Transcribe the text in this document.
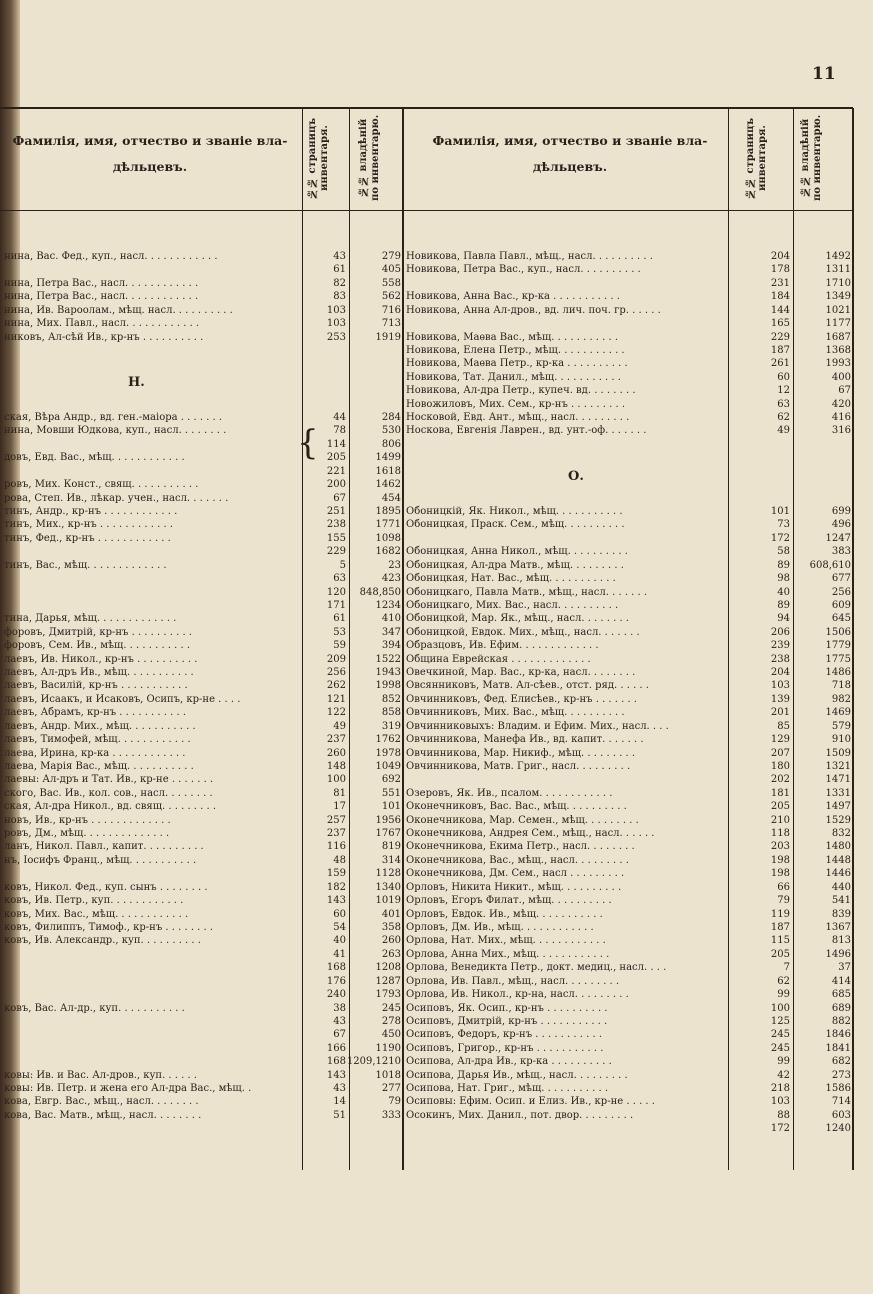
11
Фамилія, имя, отчество и званіе вла-
дѣльцевъ.
№№ страницъ
инвентаря.	№№ владѣній
по инвентарю.	Фамилія, имя, отчество и званіе вла-
дѣльцевъ.
№№ страницъ
инвентаря.	№№ владѣній
по инвентарю.
{
нина, Вас. Фед., куп., насл. . . . . . . . . . . .	43	279
61	405
нина, Петра Вас., насл. . . . . . . . . . . .	82	558
нина, Петра Вас., насл. . . . . . . . . . . .	83	562
нина, Ив. Вароолам., мѣщ. насл. . . . . . . . . .	103	716
нина, Мих. Павл., насл. . . . . . . . . . . .	103	713
никовъ, Ал-сѣй Ив., кр-нъ . . . . . . . . . .	253	1919
ская, Вѣра Андр., вд. ген.-маіора . . . . . . .	44	284
нина, Мовши Юдкова, куп., насл. . . . . . . .	78	530
114	806
довъ, Евд. Вас., мѣщ. . . . . . . . . . . .	205	1499
221	1618
ровъ, Мих. Конст., свящ. . . . . . . . . . .	200	1462
рова, Степ. Ив., лѣкар. учен., насл. . . . . . .	67	454
тинъ, Андр., кр-нъ . . . . . . . . . . . .	251	1895
тинъ, Мих., кр-нъ . . . . . . . . . . . .	238	1771
тинъ, Фед., кр-нъ . . . . . . . . . . . .	155	1098
229	1682
тинъ, Вас., мѣщ. . . . . . . . . . . . .	5	23
63	423
120	848,850
171	1234
тина, Дарья, мѣщ. . . . . . . . . . . . .	61	410
форовъ, Дмитрій, кр-нъ . . . . . . . . . .	53	347
форовъ, Сем. Ив., мѣщ. . . . . . . . . . .	59	394
лаевъ, Ив. Никол., кр-нъ . . . . . . . . . .	209	1522
лаевъ, Ал-дръ Ив., мѣщ. . . . . . . . . . .	256	1943
лаевъ, Василій, кр-нъ . . . . . . . . . . .	262	1998
лаевъ, Исаакъ, и Исаковъ, Осипъ, кр-не . . . .	121	852
лаевъ, Абрамъ, кр-нъ . . . . . . . . . . .	122	858
лаевъ, Андр. Мих., мѣщ. . . . . . . . . . .	49	319
лаевъ, Тимофей, мѣщ. . . . . . . . . . . .	237	1762
лаева, Ирина, кр-ка . . . . . . . . . . . .	260	1978
лаева, Марія Вас., мѣщ. . . . . . . . . . .	148	1049
лаевы: Ал-дръ и Тат. Ив., кр-не . . . . . . .	100	692
ского, Вас. Ив., кол. сов., насл. . . . . . . .	81	551
ская, Ал-дра Никол., вд. свящ. . . . . . . . .	17	101
новъ, Ив., кр-нъ . . . . . . . . . . . . .	257	1956
ровъ, Дм., мѣщ. . . . . . . . . . . . . .	237	1767
ланъ, Никол. Павл., капит. . . . . . . . . .	116	819
нъ, Іосифъ Франц., мѣщ. . . . . . . . . . .	48	314
159	1128
ковъ, Никол. Фед., куп. сынъ . . . . . . . .	182	1340
ковъ, Ив. Петр., куп. . . . . . . . . . . .	143	1019
ковъ, Мих. Вас., мѣщ. . . . . . . . . . . .	60	401
ковъ, Филиппъ, Тимоф., кр-нъ . . . . . . . .	54	358
ковъ, Ив. Александр., куп. . . . . . . . . .	40	260
41	263
168	1208
176	1287
240	1793
ковъ, Вас. Ал-др., куп. . . . . . . . . . .	38	245
43	278
67	450
166	1190
168 1209,1210
ковы: Ив. и Вас. Ал-дров., куп. . . . . .	143	1018
ковы: Ив. Петр. и жена его Ал-дра Вас., мѣщ. .	43	277
кова, Евгр. Вас., мѣщ., насл. . . . . . . .	14	79
кова, Вас. Матв., мѣщ., насл. . . . . . . .	51	333
Н.
Новикова, Павла Павл., мѣщ., насл. . . . . . . . . .	204	1492
Новикова, Петра Вас., куп., насл. . . . . . . . . .	178	1311
231	1710
Новикова, Анна Вас., кр-ка . . . . . . . . . . .	184	1349
Новикова, Анна Ал-дров., вд. лич. поч. гр. . . . . .	144	1021
165	1177
Новикова, Маѳва Вас., мѣщ. . . . . . . . . . .	229	1687
Новикова, Елена Петр., мѣщ. . . . . . . . . . .	187	1368
Новикова, Маѳва Петр., кр-ка . . . . . . . . . .	261	1993
Новикова, Тат. Данил., мѣщ. . . . . . . . . . .	60	400
Новикова, Ал-дра Петр., купеч. вд. . . . . . . .	12	67
Новожиловъ, Мих. Сем., кр-нъ . . . . . . . . .	63	420
Носковой, Евд. Ант., мѣщ., насл. . . . . . . . .	62	416
Носкова, Евгенія Лаврен., вд. унт.-оф. . . . . . .	49	316
Обоницкій, Як. Никол., мѣщ. . . . . . . . . . .	101	699
Обоницкая, Праск. Сем., мѣщ. . . . . . . . . .	73	496
172	1247
Обоницкая, Анна Никол., мѣщ. . . . . . . . . .	58	383
Обоницкая, Ал-дра Матв., мѣщ. . . . . . . . .	89	608,610
Обоницкая, Нат. Вас., мѣщ. . . . . . . . . . .	98	677
Обоницкаго, Павла Матв., мѣщ., насл. . . . . . .	40	256
Обоницкаго, Мих. Вас., насл. . . . . . . . . .	89	609
Обоницкой, Мар. Як., мѣщ., насл. . . . . . . .	94	645
Обоницкой, Евдок. Мих., мѣщ., насл. . . . . . .	206	1506
Образцовъ, Ив. Ефим. . . . . . . . . . . . .	239	1779
Община Еврейская . . . . . . . . . . . . .	238	1775
Овечкиной, Мар. Вас., кр-ка, насл. . . . . . . .	204	1486
Овсянниковъ, Матв. Ал-сѣев., отст. ряд. . . . . .	103	718
Овчинниковъ, Фед. Елисѣев., кр-нъ . . . . . . .	139	982
Овчинниковъ, Мих. Вас., мѣщ. . . . . . . . . .	201	1469
Овчинниковыхъ: Владим. и Ефим. Мих., насл. . . .	85	579
Овчинникова, Манефа Ив., вд. капит. . . . . . .	129	910
Овчинникова, Мар. Никиф., мѣщ. . . . . . . . .	207	1509
Овчинникова, Матв. Григ., насл. . . . . . . . .	180	1321
202	1471
Озеровъ, Як. Ив., псалом. . . . . . . . . . . .	181	1331
Оконечниковъ, Вас. Вас., мѣщ. . . . . . . . . .	205	1497
Оконечникова, Мар. Семен., мѣщ. . . . . . . . .	210	1529
Оконечникова, Андрея Сем., мѣщ., насл. . . . . .	118	832
Оконечникова, Екима Петр., насл. . . . . . . .	203	1480
Оконечникова, Вас., мѣщ., насл. . . . . . . . .	198	1448
Оконечникова, Дм. Сем., насл . . . . . . . . .	198	1446
Орловъ, Никита Никит., мѣщ. . . . . . . . . .	66	440
Орловъ, Егоръ Филат., мѣщ. . . . . . . . . .	79	541
Орловъ, Евдок. Ив., мѣщ. . . . . . . . . . .	119	839
Орловъ, Дм. Ив., мѣщ. . . . . . . . . . . .	187	1367
Орлова, Нат. Мих., мѣщ. . . . . . . . . . . .	115	813
Орлова, Анна Мих., мѣщ. . . . . . . . . . . .	205	1496
Орлова, Венедикта Петр., докт. медиц., насл. . . .	7	37
Орлова, Ив. Павл., мѣщ., насл. . . . . . . . .	62	414
Орлова, Ив. Никол., кр-на, насл. . . . . . . . .	99	685
Осиповъ, Як. Осип., кр-нъ . . . . . . . . . .	100	689
Осиповъ, Дмитрій, кр-нъ . . . . . . . . . . .	125	882
Осиповъ, Федоръ, кр-нъ . . . . . . . . . . .	245	1846
Осиповъ, Григор., кр-нъ . . . . . . . . . . .	245	1841
Осипова, Ал-дра Ив., кр-ка . . . . . . . . . .	99	682
Осипова, Дарья Ив., мѣщ., насл. . . . . . . . .	42	273
Осипова, Нат. Григ., мѣщ. . . . . . . . . . .	218	1586
Осиповы: Ефим. Осип. и Елиз. Ив., кр-не . . . . .	103	714
Осокинъ, Мих. Данил., пот. двор. . . . . . . . .	88	603
172	1240
О.
